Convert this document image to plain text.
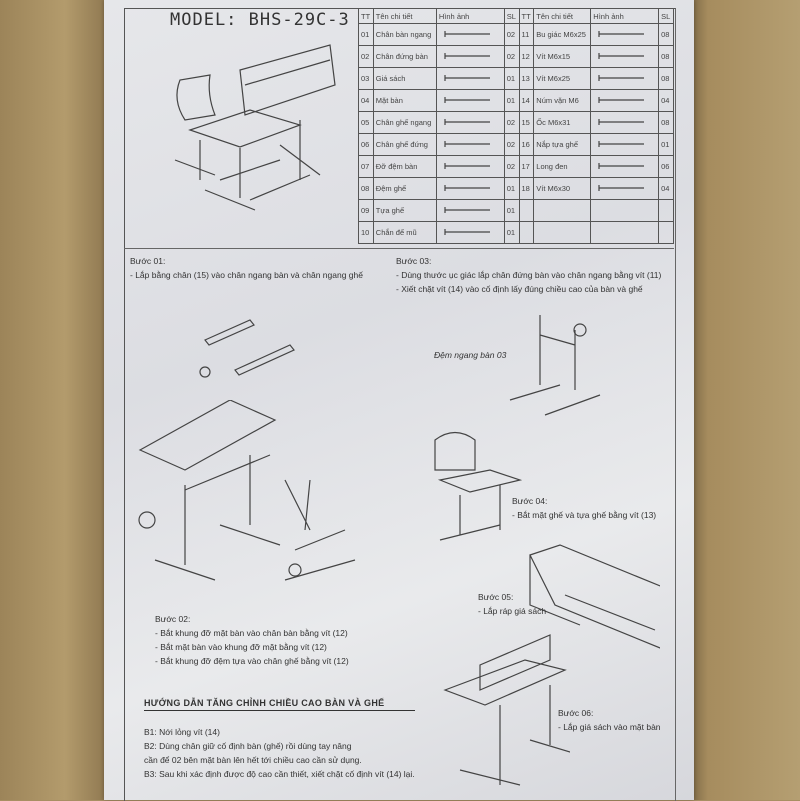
MODEL: BHS-29C-3 TT	Tên chi tiết	Hình ảnh	SL	TT	Tên chi tiết	Hình ảnh	SL
01	Chân bàn ngang		02	11	Bu giác M6x25		08
02	Chân đứng bàn		02	12	Vít M6x15		08
03	Giá sách		01	13	Vít M6x25		08
04	Mặt bàn		01	14	Núm vặn M6		04
05	Chân ghế ngang		02	15	Ốc M6x31		08
06	Chân ghế đứng		02	16	Nắp tựa ghế		01
07	Đỡ đệm bàn		02	17	Long đen		06
08	Đệm ghế		01	18	Vít M6x30		04
09	Tựa ghế		01				
10	Chắn để mũ		01				
Bước 01:
- Lắp bằng chân (15) vào chân ngang bàn và chân ngang ghế
Bước 03:
- Dùng thước ục giác lắp chân đứng bàn vào chân ngang bằng vít (11)
- Xiết chặt vít (14) vào cố định lấy đúng chiều cao của bàn và ghế
Đệm ngang bàn 03
Bước 04:
- Bắt mặt ghế và tựa ghế bằng vít (13)
Bước 05:
- Lắp ráp giá sách
Bước 02:
- Bắt khung đỡ mặt bàn vào chân bàn bằng vít (12)
- Bắt mặt bàn vào khung đỡ mặt bằng vít (12)
- Bắt khung đỡ đệm tựa vào chân ghế bằng vít (12)
Bước 06:
- Lắp giá sách vào mặt bàn
HƯỚNG DẪN TĂNG CHỈNH CHIỀU CAO BÀN VÀ GHẾ
B1: Nới lỏng vít (14)
B2: Dùng chân giữ cố định bàn (ghế) rồi dùng tay nâng
cần để 02 bên mặt bàn lên hết tới chiều cao cần sử dụng.
B3: Sau khi xác định được độ cao cần thiết, xiết chặt cố định vít (14) lại.
